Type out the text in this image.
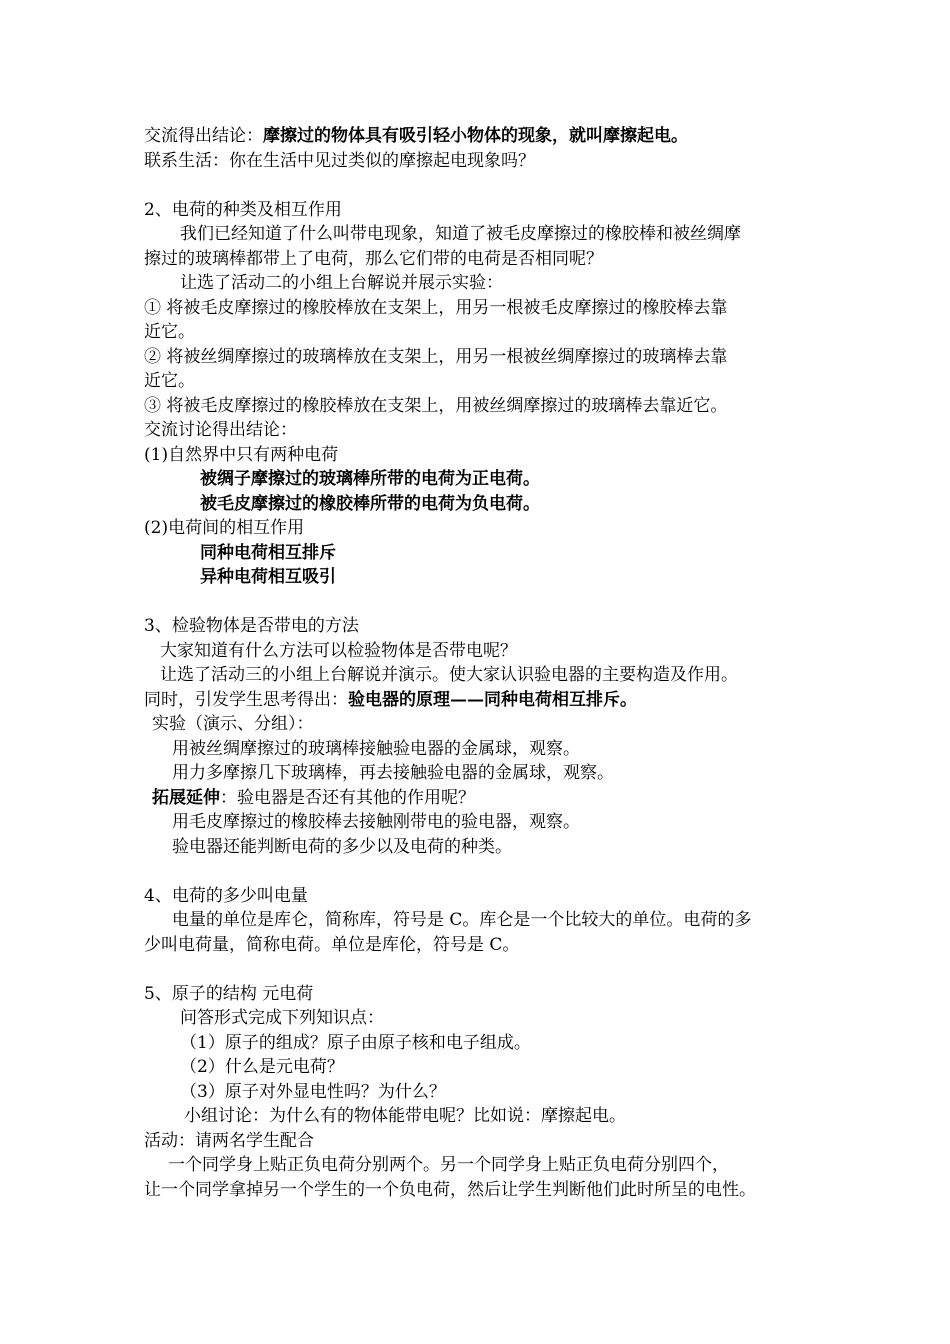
交流得出结论：摩擦过的物体具有吸引轻小物体的现象，就叫摩擦起电。
联系生活：你在生活中见过类似的摩擦起电现象吗？
2、电荷的种类及相互作用
我们已经知道了什么叫带电现象，知道了被毛皮摩擦过的橡胶棒和被丝绸摩
擦过的玻璃棒都带上了电荷，那么它们带的电荷是否相同呢？
让选了活动二的小组上台解说并展示实验：
① 将被毛皮摩擦过的橡胶棒放在支架上，用另一根被毛皮摩擦过的橡胶棒去靠
近它。
② 将被丝绸摩擦过的玻璃棒放在支架上，用另一根被丝绸摩擦过的玻璃棒去靠
近它。
③ 将被毛皮摩擦过的橡胶棒放在支架上，用被丝绸摩擦过的玻璃棒去靠近它。
交流讨论得出结论：
(1)自然界中只有两种电荷
被绸子摩擦过的玻璃棒所带的电荷为正电荷。
被毛皮摩擦过的橡胶棒所带的电荷为负电荷。
(2)电荷间的相互作用
同种电荷相互排斥
异种电荷相互吸引
3、检验物体是否带电的方法
大家知道有什么方法可以检验物体是否带电呢？
让选了活动三的小组上台解说并演示。使大家认识验电器的主要构造及作用。
同时，引发学生思考得出：验电器的原理——同种电荷相互排斥。
实验（演示、分组）：
用被丝绸摩擦过的玻璃棒接触验电器的金属球，观察。
用力多摩擦几下玻璃棒，再去接触验电器的金属球，观察。
拓展延伸：验电器是否还有其他的作用呢？
用毛皮摩擦过的橡胶棒去接触刚带电的验电器，观察。
验电器还能判断电荷的多少以及电荷的种类。
4、电荷的多少叫电量
电量的单位是库仑，简称库，符号是 C。库仑是一个比较大的单位。电荷的多
少叫电荷量，简称电荷。单位是库伦，符号是 C。
5、原子的结构 元电荷
问答形式完成下列知识点：
（1）原子的组成？原子由原子核和电子组成。
（2）什么是元电荷？
（3）原子对外显电性吗？为什么？
小组讨论：为什么有的物体能带电呢？比如说：摩擦起电。
活动：请两名学生配合
一个同学身上贴正负电荷分别两个。另一个同学身上贴正负电荷分别四个，
让一个同学拿掉另一个学生的一个负电荷，然后让学生判断他们此时所呈的电性。
